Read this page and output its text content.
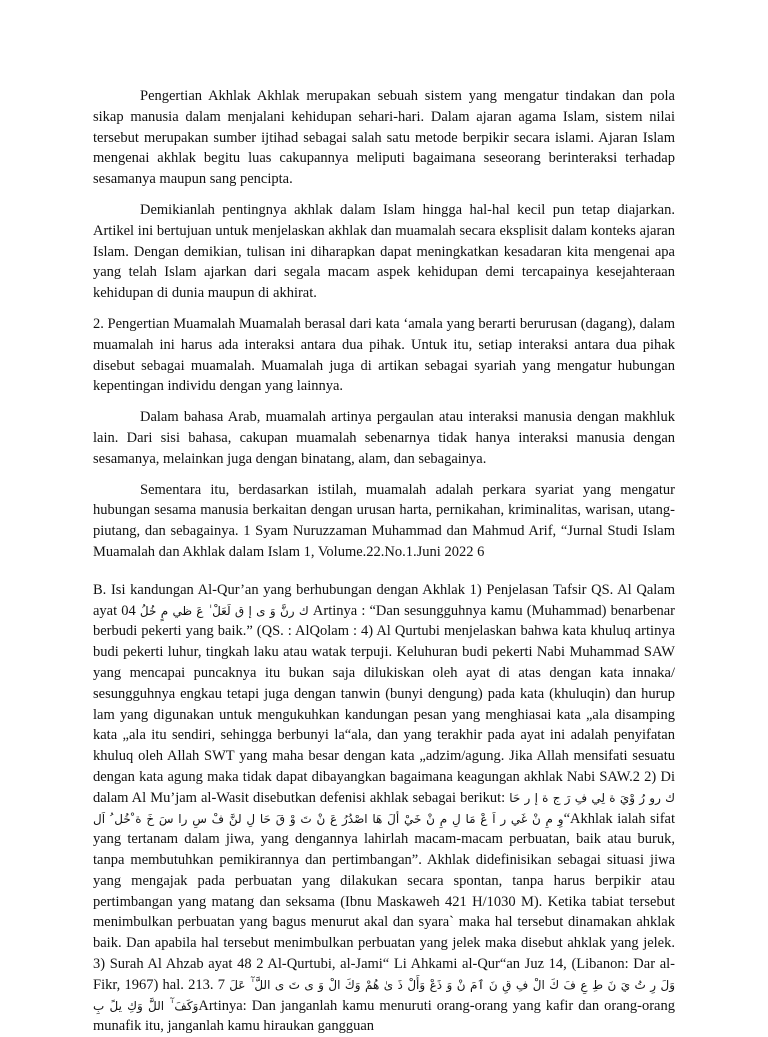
Pengertian Akhlak Akhlak merupakan sebuah sistem yang mengatur tindakan dan pola sikap manusia dalam menjalani kehidupan sehari-hari. Dalam ajaran agama Islam, sistem nilai tersebut merupakan sumber ijtihad sebagai salah satu metode berpikir secara islami. Ajaran Islam mengenai akhlak begitu luas cakupannya meliputi bagaimana seseorang berinteraksi terhadap sesamanya maupun sang pencipta.

Demikianlah pentingnya akhlak dalam Islam hingga hal-hal kecil pun tetap diajarkan. Artikel ini bertujuan untuk menjelaskan akhlak dan muamalah secara eksplisit dalam konteks ajaran Islam. Dengan demikian, tulisan ini diharapkan dapat meningkatkan kesadaran kita mengenai apa yang telah Islam ajarkan dari segala macam aspek kehidupan demi tercapainya kesejahteraan kehidupan di dunia maupun di akhirat.

2. Pengertian Muamalah Muamalah berasal dari kata ‘amala yang berarti berurusan (dagang), dalam muamalah ini harus ada interaksi antara dua pihak. Untuk itu, setiap interaksi antara dua pihak disebut sebagai muamalah. Muamalah juga di artikan sebagai syariah yang mengatur hubungan kepentingan individu dengan yang lainnya.

Dalam bahasa Arab, muamalah artinya pergaulan atau interaksi manusia dengan makhluk lain. Dari sisi bahasa, cakupan muamalah sebenarnya tidak hanya interaksi manusia dengan sesamanya, melainkan juga dengan binatang, alam, dan sebagainya.

Sementara itu, berdasarkan istilah, muamalah adalah perkara syariat yang mengatur hubungan sesama manusia berkaitan dengan urusan harta, pernikahan, kriminalitas, warisan, utang-piutang, dan sebagainya. 1 Syam Nuruzzaman Muhammad dan Mahmud Arif, “Jurnal Studi Islam Muamalah dan Akhlak dalam Islam 1, Volume.22.No.1.Juni 2022 6

B. Isi kandungan Al-Qur’an yang berhubungan dengan Akhlak 1) Penjelasan Tafsir QS. Al Qalam ayat 04 ك رنَّ وَ ى إ ق لَعَلْ ٰ عَ ظي مٍ خُلُ Artinya : “Dan sesungguhnya kamu (Muhammad) benarbenar berbudi pekerti yang baik.” (QS. : AlQolam : 4) Al Qurtubi menjelaskan bahwa kata khuluq artinya budi pekerti luhur, tingkah laku atau watak terpuji. Keluhuran budi pekerti Nabi Muhammad SAW yang mencapai puncaknya itu bukan saja dilukiskan oleh ayat di atas dengan kata innaka/ sesungguhnya engkau tetapi juga dengan tanwin (bunyi dengung) pada kata (khuluqin) dan hurup lam yang digunakan untuk mengukuhkan kandungan pesan yang menghiasai kata „ala disamping kata „ala itu sendiri, sehingga berbunyi la“ala, dan yang terakhir pada ayat ini adalah penyifatan khuluq oleh Allah SWT yang maha besar dengan kata „adzim/agung. Jika Allah mensifati sesuatu dengan kata agung maka tidak dapat dibayangkan bagaimana keagungan akhlak Nabi SAW.2 2) Di dalam Al Mu’jam al-Wasit disebutkan defenisi akhlak sebagai berikut: ك رو رُ وْيَ ة لِي فِ رَ ج ة إ ر حَا وِ مِ نْ غَي ر اَ عْ مَا لِ مِ نْ خَيْ ألَ هَا اصْدُرُ عَ نْ تَ وْ قَ حَا لِ لنَّ فْ سِ را سَ خَ ة ْخُل ُ اَل“Akhlak ialah sifat yang tertanam dalam jiwa, yang dengannya lahirlah macam-macam perbuatan, baik atau buruk, tanpa membutuhkan pemikirannya dan pertimbangan”. Akhlak didefinisikan sebagai situasi jiwa yang mengajak pada perbuatan yang dilakukan secara spontan, tanpa harus berpikir atau pertimbangan yang matang dan seksama (Ibnu Maskaweh 421 H/1030 M). Ketika tabiat tersebut menimbulkan perbuatan yang bagus menurut akal dan syara` maka hal tersebut dinamakan ahklak baik. Dan apabila hal tersebut menimbulkan perbuatan yang jelek maka disebut ahklak yang jelek. 3) Surah Al Ahzab ayat 48 2 Al-Qurtubi, al-Jami“ Li Ahkami al-Qur“an Juz 14, (Libanon: Dar al-Fikr, 1967) hal. 213. 7 وَلَ رِ تُ يَ نَ طِ عِ فَ كَ الْ فِ قِ نَ ٱمَ نْ وَ ذَعْ وَأَلْ ذَ ىٰ هُمْ وَكَ الْ وَ ى تَ ى اللَّ ٰٓ عَلَ وَكَفَ ٰٓ اللَّ وَكِ يلً بِArtinya: Dan janganlah kamu menuruti orang-orang yang kafir dan orang-orang munafik itu, janganlah kamu hiraukan gangguan
